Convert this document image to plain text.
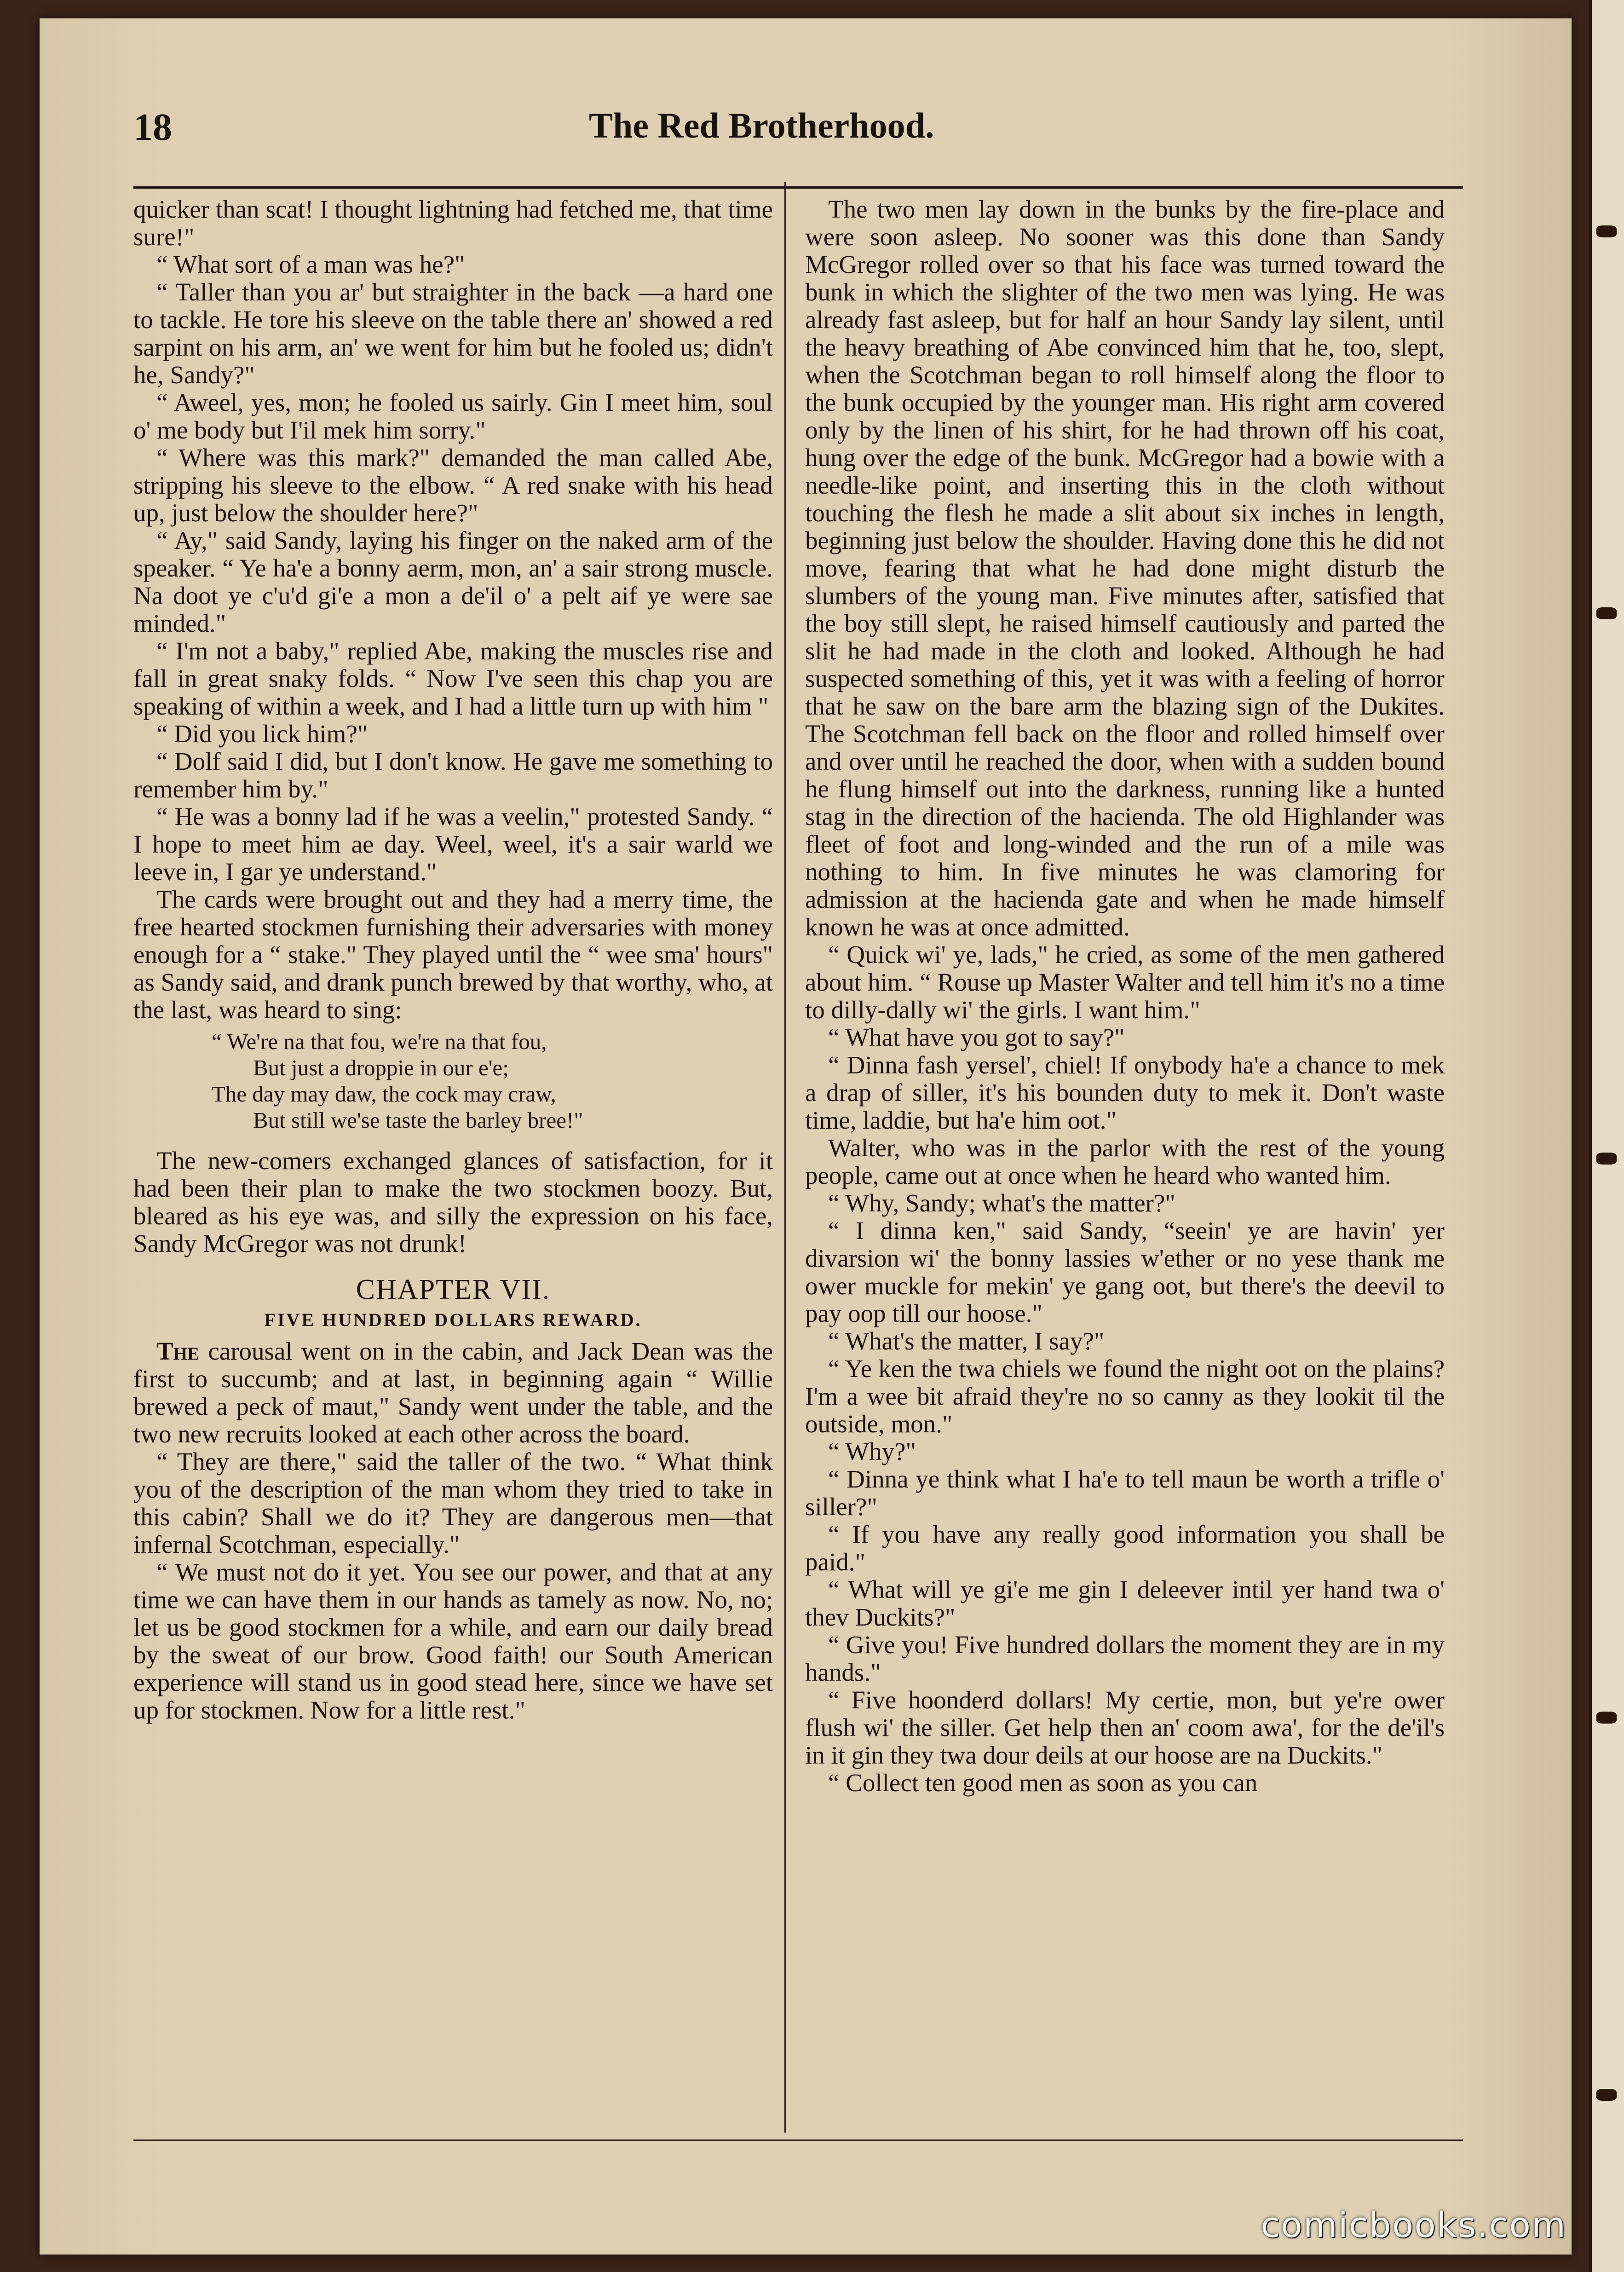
18	The Red Brotherhood.

quicker than scat! I thought lightning had fetched me, that time sure!"

“ What sort of a man was he?"

“ Taller than you ar' but straighter in the back —a hard one to tackle. He tore his sleeve on the table there an' showed a red sarpint on his arm, an' we went for him but he fooled us; didn't he, Sandy?"

“ Aweel, yes, mon; he fooled us sairly. Gin I meet him, soul o' me body but I'il mek him sorry."

“ Where was this mark?" demanded the man called Abe, stripping his sleeve to the elbow. “ A red snake with his head up, just below the shoulder here?"

“ Ay," said Sandy, laying his finger on the naked arm of the speaker. “ Ye ha'e a bonny aerm, mon, an' a sair strong muscle. Na doot ye c'u'd gi'e a mon a de'il o' a pelt aif ye were sae minded."

“ I'm not a baby," replied Abe, making the muscles rise and fall in great snaky folds. “ Now I've seen this chap you are speaking of within a week, and I had a little turn up with him "

“ Did you lick him?"

“ Dolf said I did, but I don't know. He gave me something to remember him by."

“ He was a bonny lad if he was a veelin," protested Sandy. “ I hope to meet him ae day. Weel, weel, it's a sair warld we leeve in, I gar ye understand."

The cards were brought out and they had a merry time, the free hearted stockmen furnishing their adversaries with money enough for a “ stake." They played until the “ wee sma' hours" as Sandy said, and drank punch brewed by that worthy, who, at the last, was heard to sing:

“ We're na that fou, we're na that fou,
But just a droppie in our e'e;
The day may daw, the cock may craw,
But still we'se taste the barley bree!"

The new-comers exchanged glances of satisfaction, for it had been their plan to make the two stockmen boozy. But, bleared as his eye was, and silly the expression on his face, Sandy McGregor was not drunk!

CHAPTER VII.
FIVE HUNDRED DOLLARS REWARD.

The carousal went on in the cabin, and Jack Dean was the first to succumb; and at last, in beginning again “ Willie brewed a peck of maut," Sandy went under the table, and the two new recruits looked at each other across the board.

“ They are there," said the taller of the two. “ What think you of the description of the man whom they tried to take in this cabin? Shall we do it? They are dangerous men—that infernal Scotchman, especially."

“ We must not do it yet. You see our power, and that at any time we can have them in our hands as tamely as now. No, no; let us be good stockmen for a while, and earn our daily bread by the sweat of our brow. Good faith! our South American experience will stand us in good stead here, since we have set up for stockmen. Now for a little rest."

The two men lay down in the bunks by the fire-place and were soon asleep. No sooner was this done than Sandy McGregor rolled over so that his face was turned toward the bunk in which the slighter of the two men was lying. He was already fast asleep, but for half an hour Sandy lay silent, until the heavy breathing of Abe convinced him that he, too, slept, when the Scotchman began to roll himself along the floor to the bunk occupied by the younger man. His right arm covered only by the linen of his shirt, for he had thrown off his coat, hung over the edge of the bunk. McGregor had a bowie with a needle-like point, and inserting this in the cloth without touching the flesh he made a slit about six inches in length, beginning just below the shoulder. Having done this he did not move, fearing that what he had done might disturb the slumbers of the young man. Five minutes after, satisfied that the boy still slept, he raised himself cautiously and parted the slit he had made in the cloth and looked. Although he had suspected something of this, yet it was with a feeling of horror that he saw on the bare arm the blazing sign of the Dukites. The Scotchman fell back on the floor and rolled himself over and over until he reached the door, when with a sudden bound he flung himself out into the darkness, running like a hunted stag in the direction of the hacienda. The old Highlander was fleet of foot and long-winded and the run of a mile was nothing to him. In five minutes he was clamoring for admission at the hacienda gate and when he made himself known he was at once admitted.

“ Quick wi' ye, lads," he cried, as some of the men gathered about him. “ Rouse up Master Walter and tell him it's no a time to dilly-dally wi' the girls. I want him."

“ What have you got to say?"

“ Dinna fash yersel', chiel! If onybody ha'e a chance to mek a drap of siller, it's his bounden duty to mek it. Don't waste time, laddie, but ha'e him oot."

Walter, who was in the parlor with the rest of the young people, came out at once when he heard who wanted him.

“ Why, Sandy; what's the matter?"

“ I dinna ken," said Sandy, “seein' ye are havin' yer divarsion wi' the bonny lassies w'ether or no yese thank me ower muckle for mekin' ye gang oot, but there's the deevil to pay oop till our hoose."

“ What's the matter, I say?"

“ Ye ken the twa chiels we found the night oot on the plains? I'm a wee bit afraid they're no so canny as they lookit til the outside, mon."

“ Why?"

“ Dinna ye think what I ha'e to tell maun be worth a trifle o' siller?"

“ If you have any really good information you shall be paid."

“ What will ye gi'e me gin I deleever intil yer hand twa o' thev Duckits?"

“ Give you! Five hundred dollars the moment they are in my hands."

“ Five hoonderd dollars! My certie, mon, but ye're ower flush wi' the siller. Get help then an' coom awa', for the de'il's in it gin they twa dour deils at our hoose are na Duckits."

“ Collect ten good men as soon as you can

comicbooks.com
